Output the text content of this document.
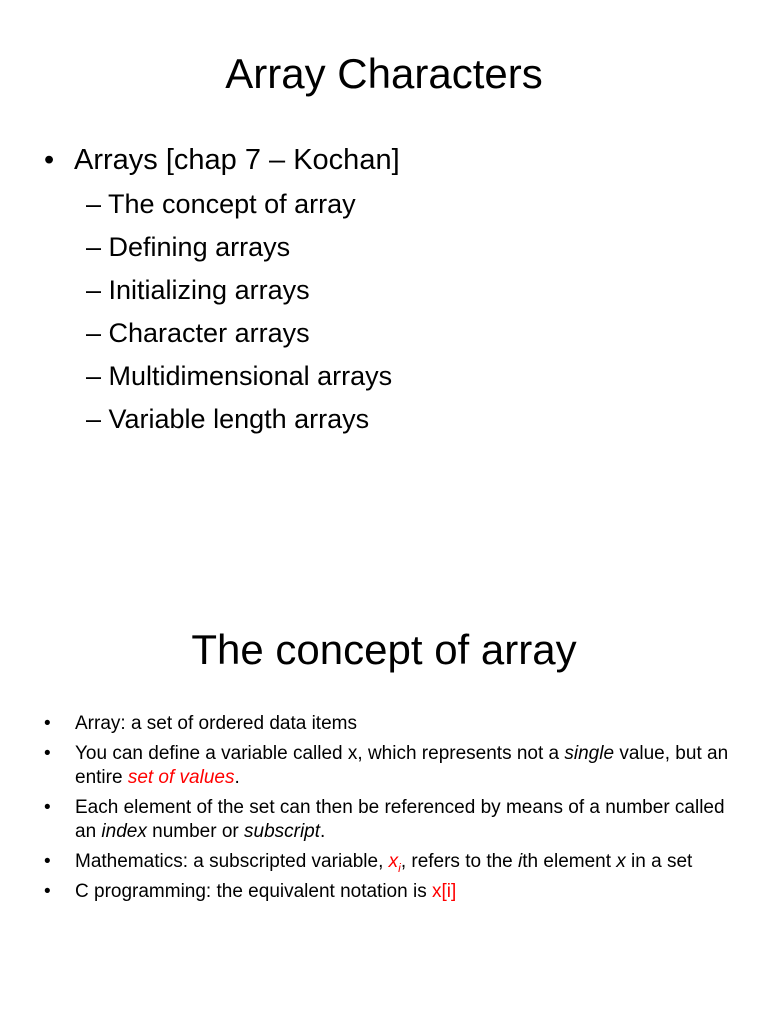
Array Characters
• Arrays [chap 7 – Kochan]
– The concept of array
– Defining arrays
– Initializing arrays
– Character arrays
– Multidimensional arrays
– Variable length arrays
The concept of array
• Array: a set of ordered data items
• You can define a variable called x, which represents not a single value, but an entire set of values.
• Each element of the set can then be referenced by means of a number called an index number or subscript.
• Mathematics: a subscripted variable, $x_i$, refers to the ith element x in a set
• C programming: the equivalent notation is x[i]
